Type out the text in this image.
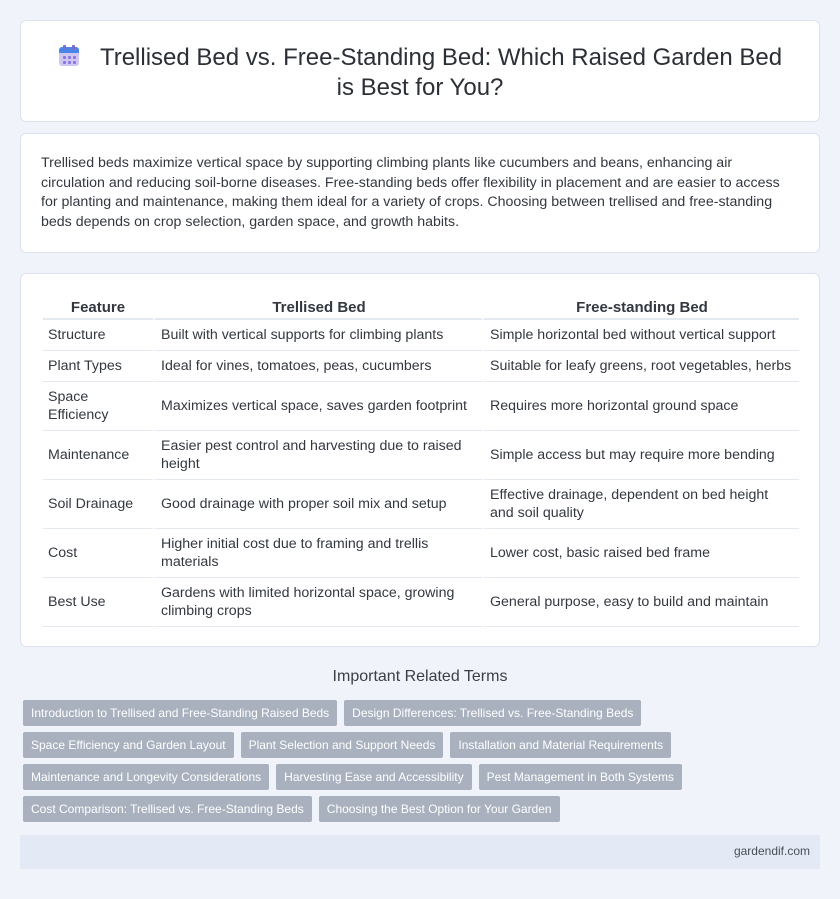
Trellised Bed vs. Free-Standing Bed: Which Raised Garden Bed is Best for You?

Trellised beds maximize vertical space by supporting climbing plants like cucumbers and beans, enhancing air circulation and reducing soil-borne diseases. Free-standing beds offer flexibility in placement and are easier to access for planting and maintenance, making them ideal for a variety of crops. Choosing between trellised and free-standing beds depends on crop selection, garden space, and growth habits.

Feature	Trellised Bed	Free-standing Bed
Structure	Built with vertical supports for climbing plants	Simple horizontal bed without vertical support
Plant Types	Ideal for vines, tomatoes, peas, cucumbers	Suitable for leafy greens, root vegetables, herbs
Space Efficiency	Maximizes vertical space, saves garden footprint	Requires more horizontal ground space
Maintenance	Easier pest control and harvesting due to raised height	Simple access but may require more bending
Soil Drainage	Good drainage with proper soil mix and setup	Effective drainage, dependent on bed height and soil quality
Cost	Higher initial cost due to framing and trellis materials	Lower cost, basic raised bed frame
Best Use	Gardens with limited horizontal space, growing climbing crops	General purpose, easy to build and maintain
Important Related Terms
Introduction to Trellised and Free-Standing Raised Beds Design Differences: Trellised vs. Free-Standing Beds
Space Efficiency and Garden Layout Plant Selection and Support Needs Installation and Material Requirements
Maintenance and Longevity Considerations Harvesting Ease and Accessibility Pest Management in Both Systems
Cost Comparison: Trellised vs. Free-Standing Beds Choosing the Best Option for Your Garden
gardendif.com
